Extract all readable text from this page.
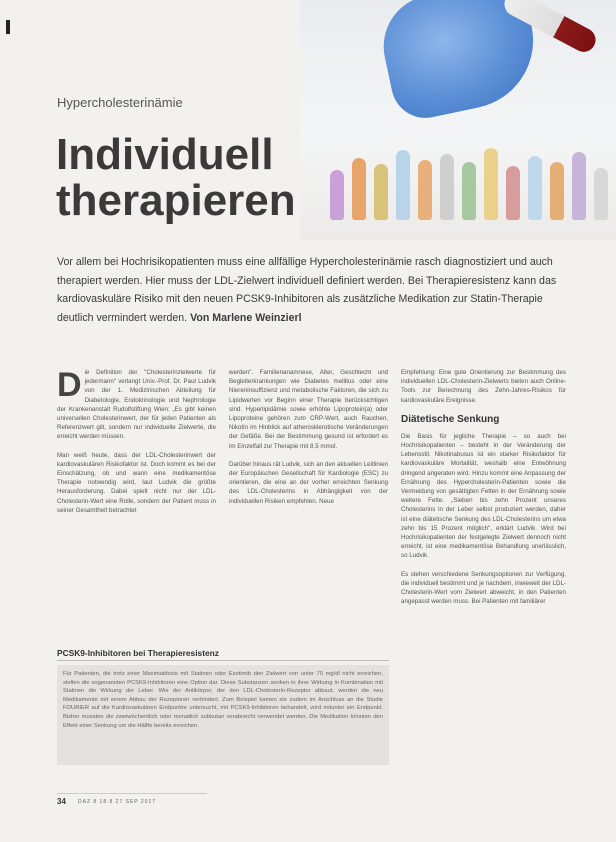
Hypercholesterinämie
Individuell
therapieren

Vor allem bei Hochrisikopatienten muss eine allfällige Hypercholesterinämie rasch diagnostiziert und auch therapiert werden. Hier muss der LDL-Zielwert individuell definiert werden. Bei Therapieresistenz kann das kardiovaskuläre Risiko mit den neuen PCSK9-Inhibitoren als zusätzliche Medikation zur Statin-Therapie deutlich vermindert werden. Von Marlene Weinzierl

Die Definition der "Cholesterinzielwerte für jedermann" verlangt Univ.-Prof. Dr. Paul Ludvik von der 1. Medizinischen Abteilung für Diabetologie, Endokrinologie und Nephrologie der Krankenanstalt Rudolfstiftung Wien: „Es gibt keinen universellen Cholesterinwert, der für jeden Patienten als Referenzwert gilt, sondern nur individuelle Zielwerte, die erreicht werden müssen.

Man weiß heute, dass der LDL-Cholesterinwert der kardiovaskulären Risikofaktor ist. Doch kommt es bei der Einschätzung, ob und wann eine medikamentöse Therapie notwendig wird, laut Ludvik die größte Herausforderung. Dabei spielt nicht nur der LDL-Cholesterin-Wert eine Rolle, sondern der Patient muss in seiner Gesamtheit betrachtet

werden". Familienanamnese, Alter, Geschlecht und Begleiterkrankungen wie Diabetes mellitus oder eine Niereninsuffizienz und metabolische Faktoren, die sich zu Lipidwerten vor Beginn einer Therapie berücksichtigen sind. Hyperlipidämie sowie erhöhte Lipoprotein(a) oder Lipoproteine gehören zum CRP-Wert, auch Rauchen, Nikotin im Hinblick auf atherosklerotische Veränderungen der Gefäße. Bei der Bestimmung gesund ist erfordert es im Einzelfall zur Therapie mit 8,5 mmol.

Darüber hinaus rät Ludvik, sich an den aktuellen Leitlinien der Europäischen Gesellschaft für Kardiologie (ESC) zu orientieren, die eine an der vorher erreichten Senkung des LDL-Cholesterins in Abhängigkeit von der individuellen Risiken empfehlen. Neue

Empfehlung: Eine gute Orientierung zur Bestimmung des individuellen LDL-Cholesterin-Zielwerts bieten auch Online-Tools zur Berechnung des Zehn-Jahres-Risikos für kardiovaskuläre Ereignisse.

Diätetische Senkung

Die Basis für jegliche Therapie – so auch bei Hochrisikopatienten – besteht in der Veränderung der Lebensstil. Nikotinabusus ist ein starker Risikofaktor für kardiovaskuläre Mortalität, weshalb eine Entwöhnung dringend angeraten wird. Hinzu kommt eine Anpassung der Ernährung des Hypercholesterin-Patienten sowie die Vermeidung von gesättigten Fetten in der Ernährung sowie weitere Fette. „Sieben bis zehn Prozent unseres Cholesterins in der Leber selbst produziert werden, daher ist eine diätetische Senkung des LDL-Cholesterins um etwa zehn bis 15 Prozent möglich", erklärt Ludvik. Wird bei Hochrisikopatienten der festgelegte Zielwert dennoch nicht erreicht, ist eine medikamentöse Behandlung unerlässlich, so Ludvik.

Es stehen verschiedene Senkungsoptionen zur Verfügung, die individuell bestimmt und je nachdem, inwieweit der LDL-Cholesterin-Wert vom Zielwert abweicht, in den Patienten angepasst werden muss. Bei Patienten mit familiärer

PCSK9-Inhibitoren bei Therapieresistenz
Für Patienten, die trotz einer Maximaldosis mit Statinen oder Ezetimib den Zielwert von unter 70 mg/dl nicht erreichen, stellen die sogenannten PCSK9-Inhibitoren eine Option dar. Diese Substanzen senken in ihrer Wirkung in Kombination mit Statinen die Wirkung der Leber. Wie der Antikörper, der den LDL-Cholesterin-Rezeptor abbaut, werden die neu Medikamente mit einem Abbau der Rezeptoren verhindert. Zum Beispiel kamen sie zudem im Anschluss an die Studie FOURIER auf die Kardiovaskulären Endpunkte untersucht, mit PCSK9-Inhibitoren behandelt, wird mitunter ein Endpunkt. Bisher mussten die zweiwöchentlich oder monatlich subkutan verabreicht verwendet werden. Die Medikation könnten den Effekt einer Senkung um die Hälfte bereits erreichen.
34 DAZ 8 18 8 27 SEP 2017
